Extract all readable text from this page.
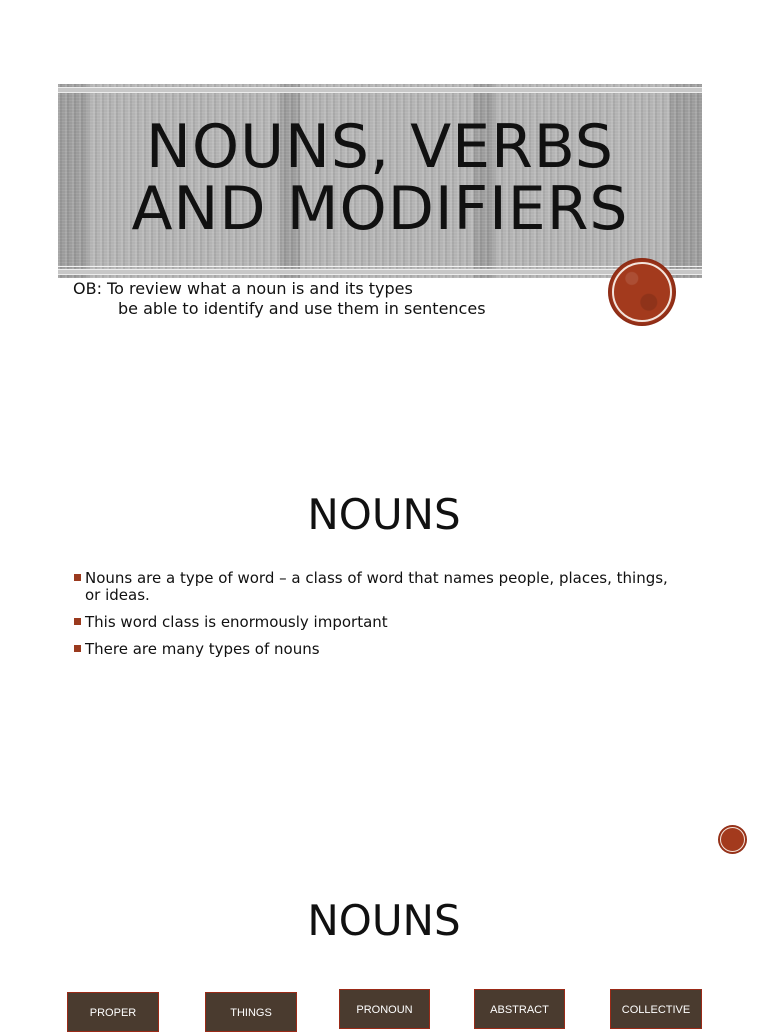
NOUNS, VERBS
AND MODIFIERS
OB: To review what a noun is and its types
be able to identify and use them in sentences
NOUNS
Nouns are a type of word – a class of word that names people, places, things, or ideas.
This word class is enormously important
There are many types of nouns
NOUNS
PROPER	THINGS	PRONOUN	ABSTRACT	COLLECTIVE
